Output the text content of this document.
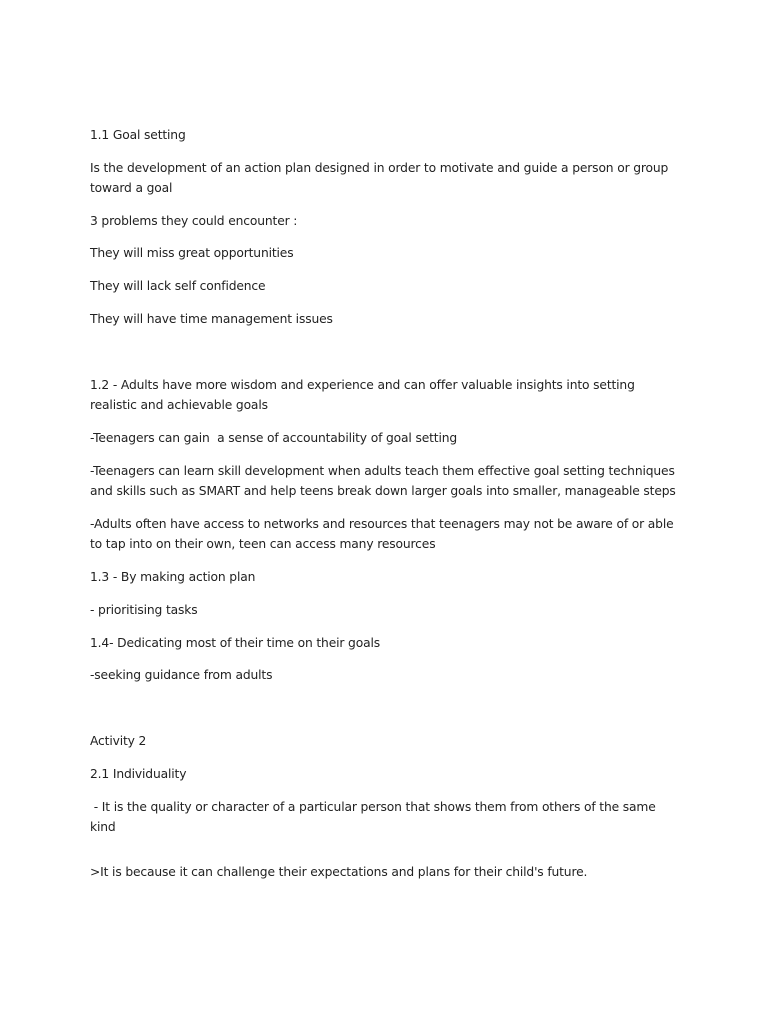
1.1 Goal setting

Is the development of an action plan designed in order to motivate and guide a person or group toward a goal

3 problems they could encounter :

They will miss great opportunities

They will lack self confidence

They will have time management issues

1.2 - Adults have more wisdom and experience and can offer valuable insights into setting realistic and achievable goals

-Teenagers can gain  a sense of accountability of goal setting

-Teenagers can learn skill development when adults teach them effective goal setting techniques and skills such as SMART and help teens break down larger goals into smaller, manageable steps

-Adults often have access to networks and resources that teenagers may not be aware of or able to tap into on their own, teen can access many resources

1.3 - By making action plan

- prioritising tasks

1.4- Dedicating most of their time on their goals

-seeking guidance from adults

Activity 2

2.1 Individuality

- It is the quality or character of a particular person that shows them from others of the same kind

>It is because it can challenge their expectations and plans for their child's future.
